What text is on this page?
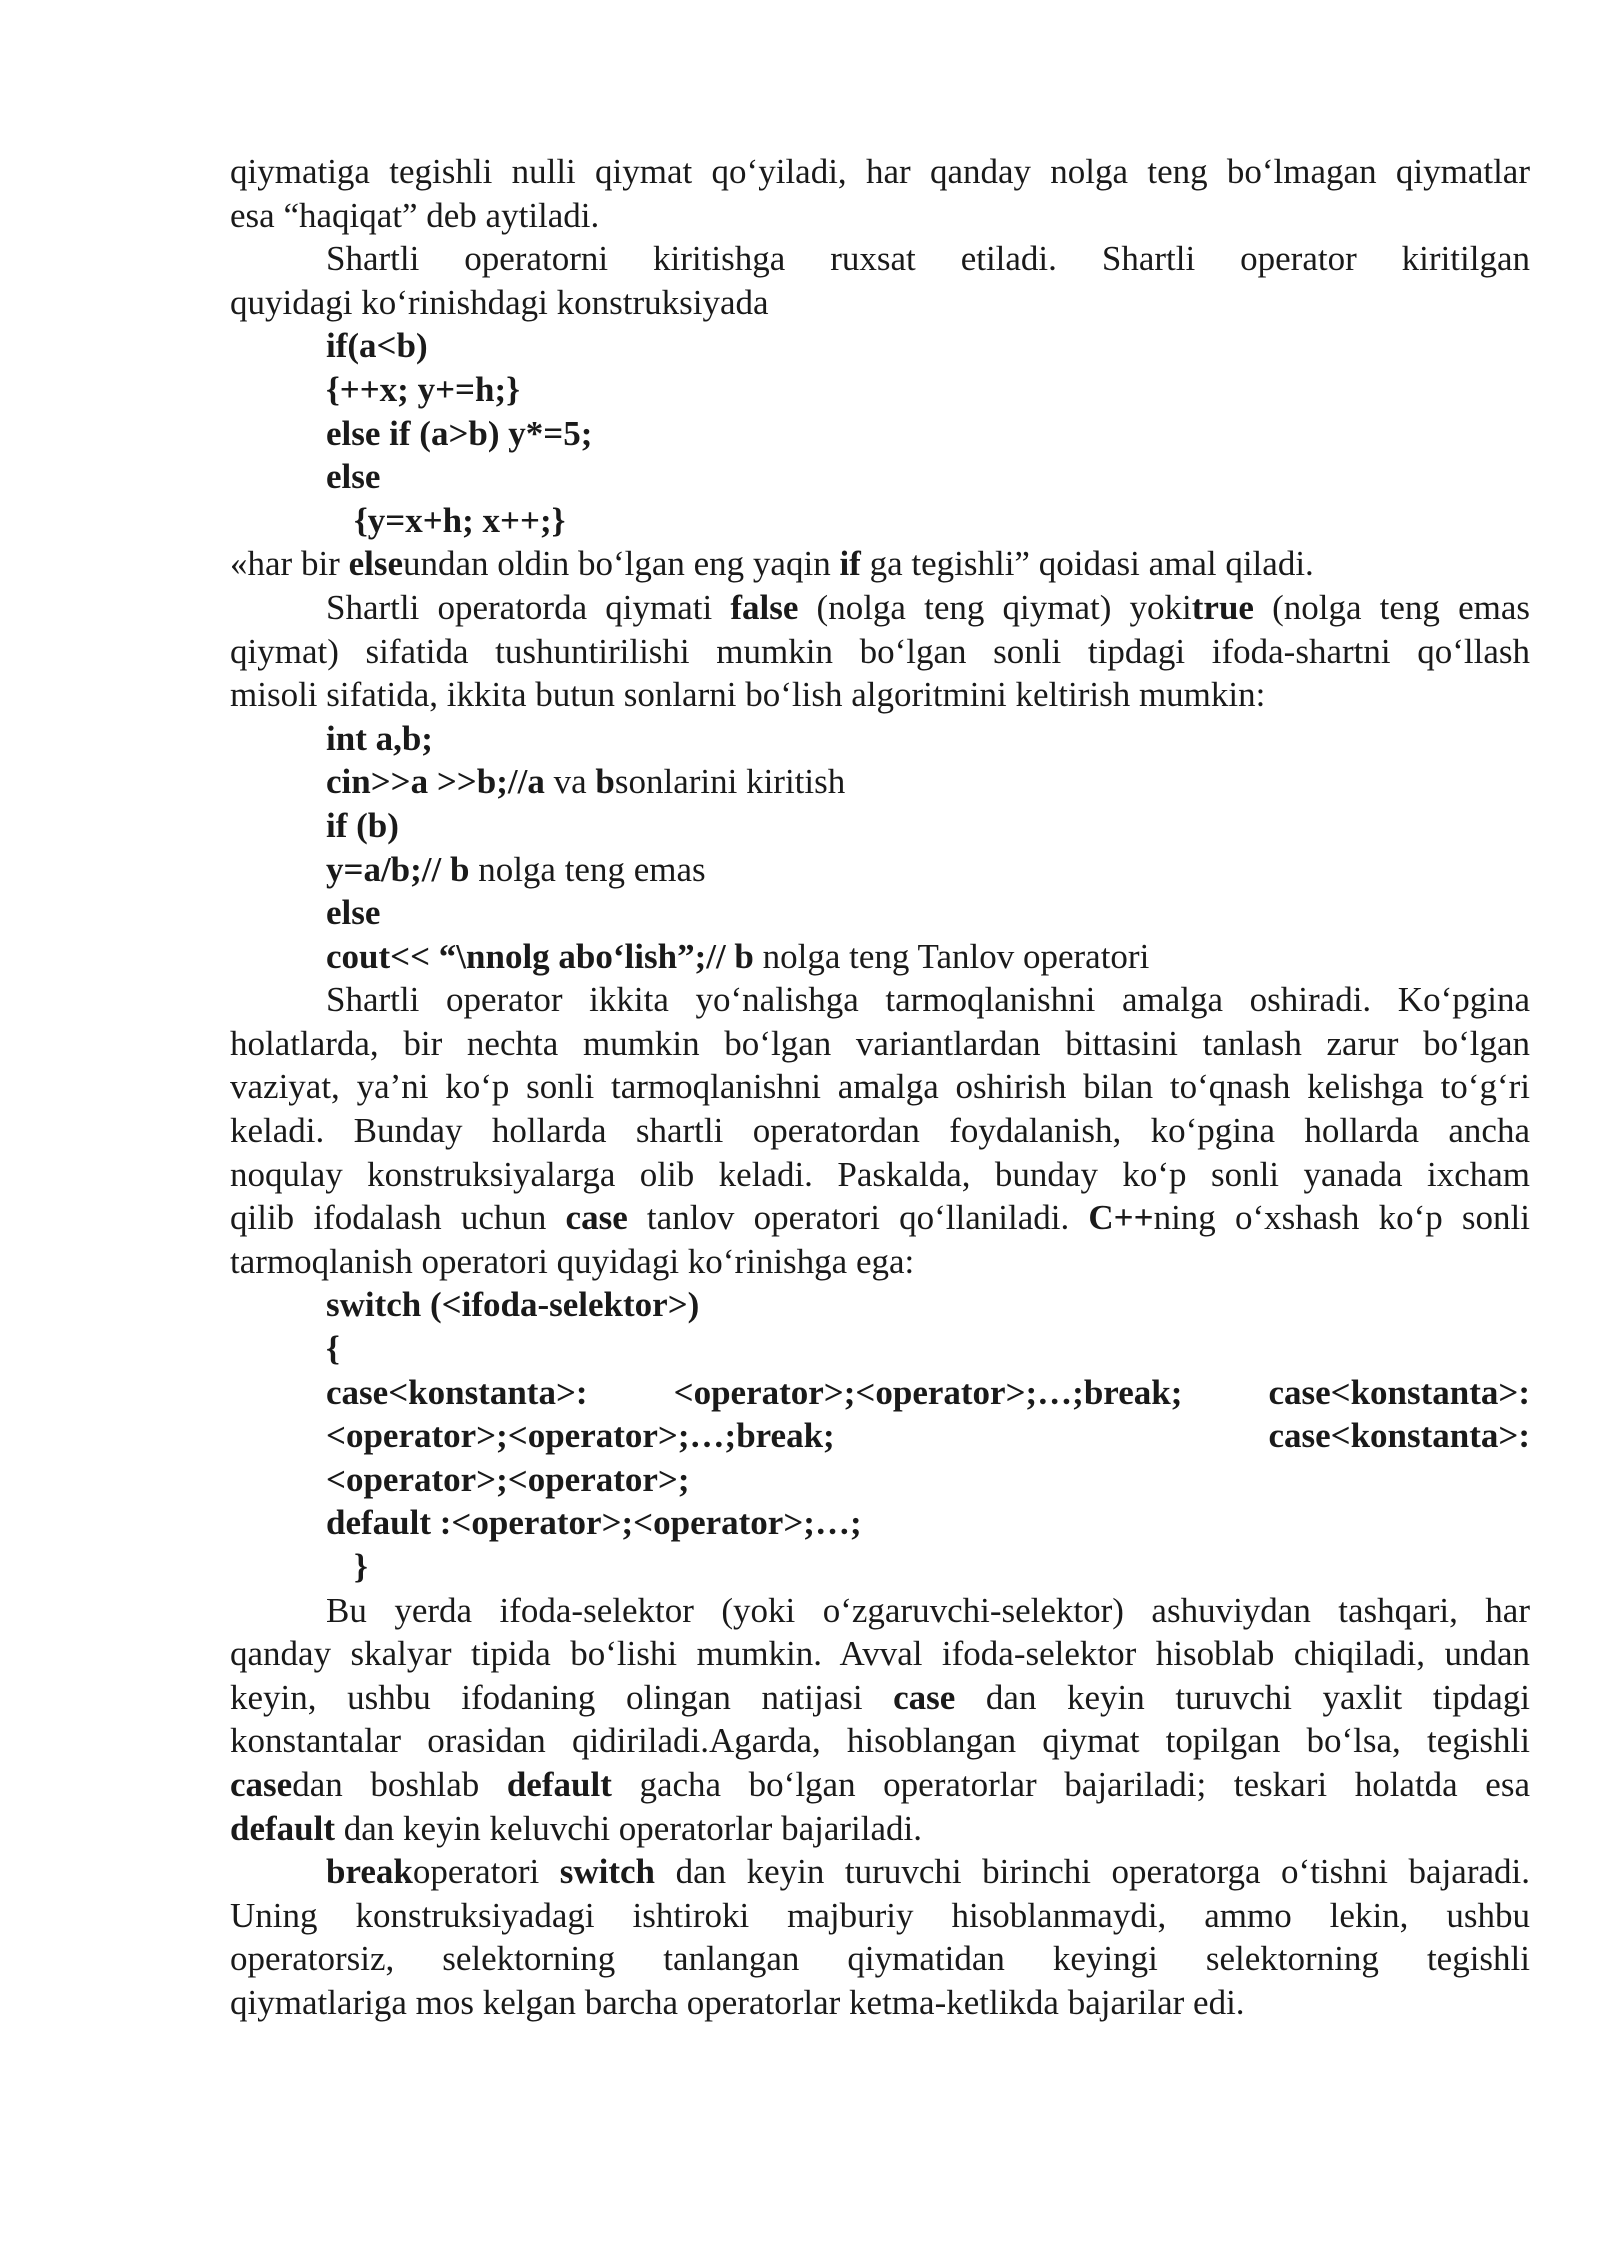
qiymatiga tegishli nulli qiymat qo‘yiladi, har qanday nolga teng bo‘lmagan qiymatlar
esa “haqiqat” deb aytiladi.
Shartli operatorni kiritishga ruxsat etiladi. Shartli operator kiritilgan
quyidagi ko‘rinishdagi konstruksiyada
if(a<b)
{++x; y+=h;}
else if (a>b) y*=5;
else
{y=x+h; x++;}
«har bir elseundan oldin bo‘lgan eng yaqin if ga tegishli” qoidasi amal qiladi.
Shartli operatorda qiymati false (nolga teng qiymat) yokitrue (nolga teng emas
qiymat) sifatida tushuntirilishi mumkin bo‘lgan sonli tipdagi ifoda-shartni qo‘llash
misoli sifatida, ikkita butun sonlarni bo‘lish algoritmini keltirish mumkin:
int a,b;
cin>>a >>b;//a va bsonlarini kiritish
if (b)
y=a/b;// b nolga teng emas
else
cout<< “\nnolg abo‘lish”;// b nolga teng Tanlov operatori
Shartli operator ikkita yo‘nalishga tarmoqlanishni amalga oshiradi. Ko‘pgina
holatlarda, bir nechta mumkin bo‘lgan variantlardan bittasini tanlash zarur bo‘lgan
vaziyat, ya’ni ko‘p sonli tarmoqlanishni amalga oshirish bilan to‘qnash kelishga to‘g‘ri
keladi. Bunday hollarda shartli operatordan foydalanish, ko‘pgina hollarda ancha
noqulay konstruksiyalarga olib keladi. Paskalda, bunday ko‘p sonli yanada ixcham
qilib ifodalash uchun case tanlov operatori qo‘llaniladi. C++ning o‘xshash ko‘p sonli
tarmoqlanish operatori quyidagi ko‘rinishga ega:
switch (<ifoda-selektor>)
{
case<konstanta>: <operator>;<operator>;…;break; case<konstanta>:
<operator>;<operator>;…;break;	case<konstanta>:
<operator>;<operator>;
default :<operator>;<operator>;…;
}
Bu yerda ifoda-selektor (yoki o‘zgaruvchi-selektor) ashuviydan tashqari, har
qanday skalyar tipida bo‘lishi mumkin. Avval ifoda-selektor hisoblab chiqiladi, undan
keyin, ushbu ifodaning olingan natijasi case dan keyin turuvchi yaxlit tipdagi
konstantalar orasidan qidiriladi.Agarda, hisoblangan qiymat topilgan bo‘lsa, tegishli
casedan boshlab default gacha bo‘lgan operatorlar bajariladi; teskari holatda esa
default dan keyin keluvchi operatorlar bajariladi.
breakoperatori switch dan keyin turuvchi birinchi operatorga o‘tishni bajaradi.
Uning konstruksiyadagi ishtiroki majburiy hisoblanmaydi, ammo lekin, ushbu
operatorsiz, selektorning tanlangan qiymatidan keyingi selektorning tegishli
qiymatlariga mos kelgan barcha operatorlar ketma-ketlikda bajarilar edi.
